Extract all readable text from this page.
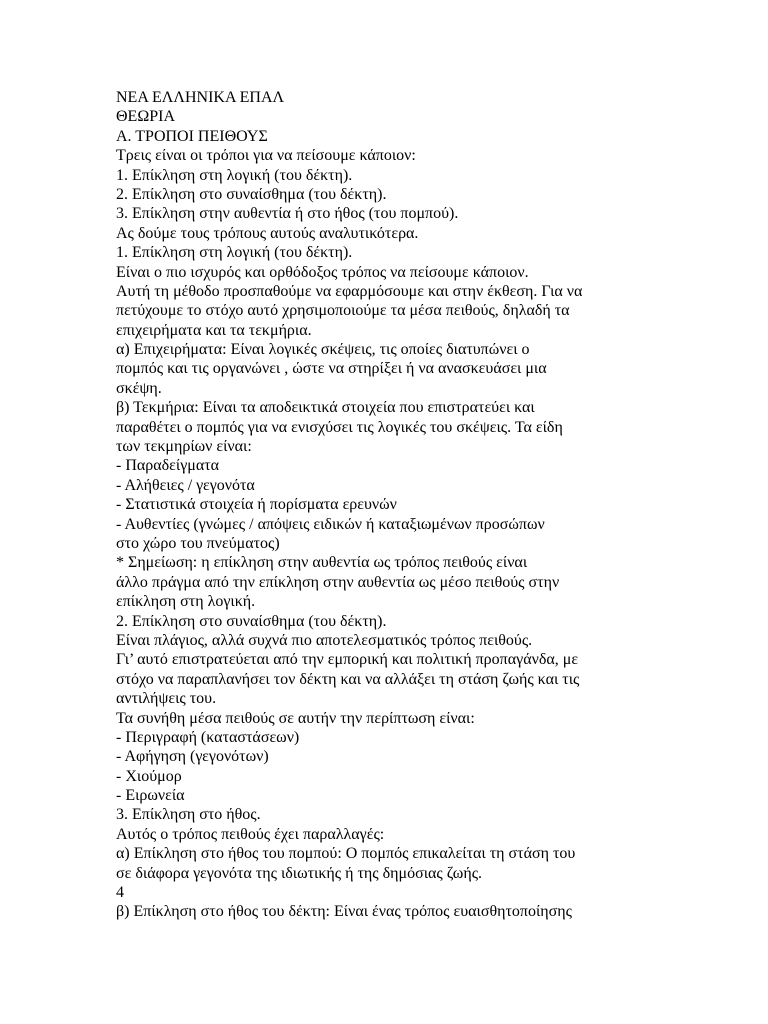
ΝΕΑ ΕΛΛΗΝΙΚΑ ΕΠΑΛ
ΘΕΩΡΙΑ
Α. ΤΡΟΠΟΙ ΠΕΙΘΟΥΣ
Τρεις είναι οι τρόποι για να πείσουμε κάποιον:
1. Επίκληση στη λογική (του δέκτη).
2. Επίκληση στο συναίσθημα (του δέκτη).
3. Επίκληση στην αυθεντία ή στο ήθος (του πομπού).
Ας δούμε τους τρόπους αυτούς αναλυτικότερα.
1. Επίκληση στη λογική (του δέκτη).
Είναι ο πιο ισχυρός και ορθόδοξος τρόπος να πείσουμε κάποιον.
Αυτή τη μέθοδο προσπαθούμε να εφαρμόσουμε και στην έκθεση. Για να
πετύχουμε το στόχο αυτό χρησιμοποιούμε τα μέσα πειθούς, δηλαδή τα
επιχειρήματα και τα τεκμήρια.
α) Επιχειρήματα: Είναι λογικές σκέψεις, τις οποίες διατυπώνει ο
πομπός και τις οργανώνει , ώστε να στηρίξει ή να ανασκευάσει μια
σκέψη.
β) Τεκμήρια: Είναι τα αποδεικτικά στοιχεία που επιστρατεύει και
παραθέτει ο πομπός για να ενισχύσει τις λογικές του σκέψεις. Τα είδη
των τεκμηρίων είναι:
- Παραδείγματα
- Αλήθειες / γεγονότα
- Στατιστικά στοιχεία ή πορίσματα ερευνών
- Αυθεντίες (γνώμες / απόψεις ειδικών ή καταξιωμένων προσώπων
στο χώρο του πνεύματος)
* Σημείωση: η επίκληση στην αυθεντία ως τρόπος πειθούς είναι
άλλο πράγμα από την επίκληση στην αυθεντία ως μέσο πειθούς στην
επίκληση στη λογική.
2. Επίκληση στο συναίσθημα (του δέκτη).
Είναι πλάγιος, αλλά συχνά πιο αποτελεσματικός τρόπος πειθούς.
Γι’ αυτό επιστρατεύεται από την εμπορική και πολιτική προπαγάνδα, με
στόχο να παραπλανήσει τον δέκτη και να αλλάξει τη στάση ζωής και τις
αντιλήψεις του.
Τα συνήθη μέσα πειθούς σε αυτήν την περίπτωση είναι:
- Περιγραφή (καταστάσεων)
- Αφήγηση (γεγονότων)
- Χιούμορ
- Ειρωνεία
3. Επίκληση στο ήθος.
Αυτός ο τρόπος πειθούς έχει παραλλαγές:
α) Επίκληση στο ήθος του πομπού: Ο πομπός επικαλείται τη στάση του
σε διάφορα γεγονότα της ιδιωτικής ή της δημόσιας ζωής.
4
β) Επίκληση στο ήθος του δέκτη: Είναι ένας τρόπος ευαισθητοποίησης
